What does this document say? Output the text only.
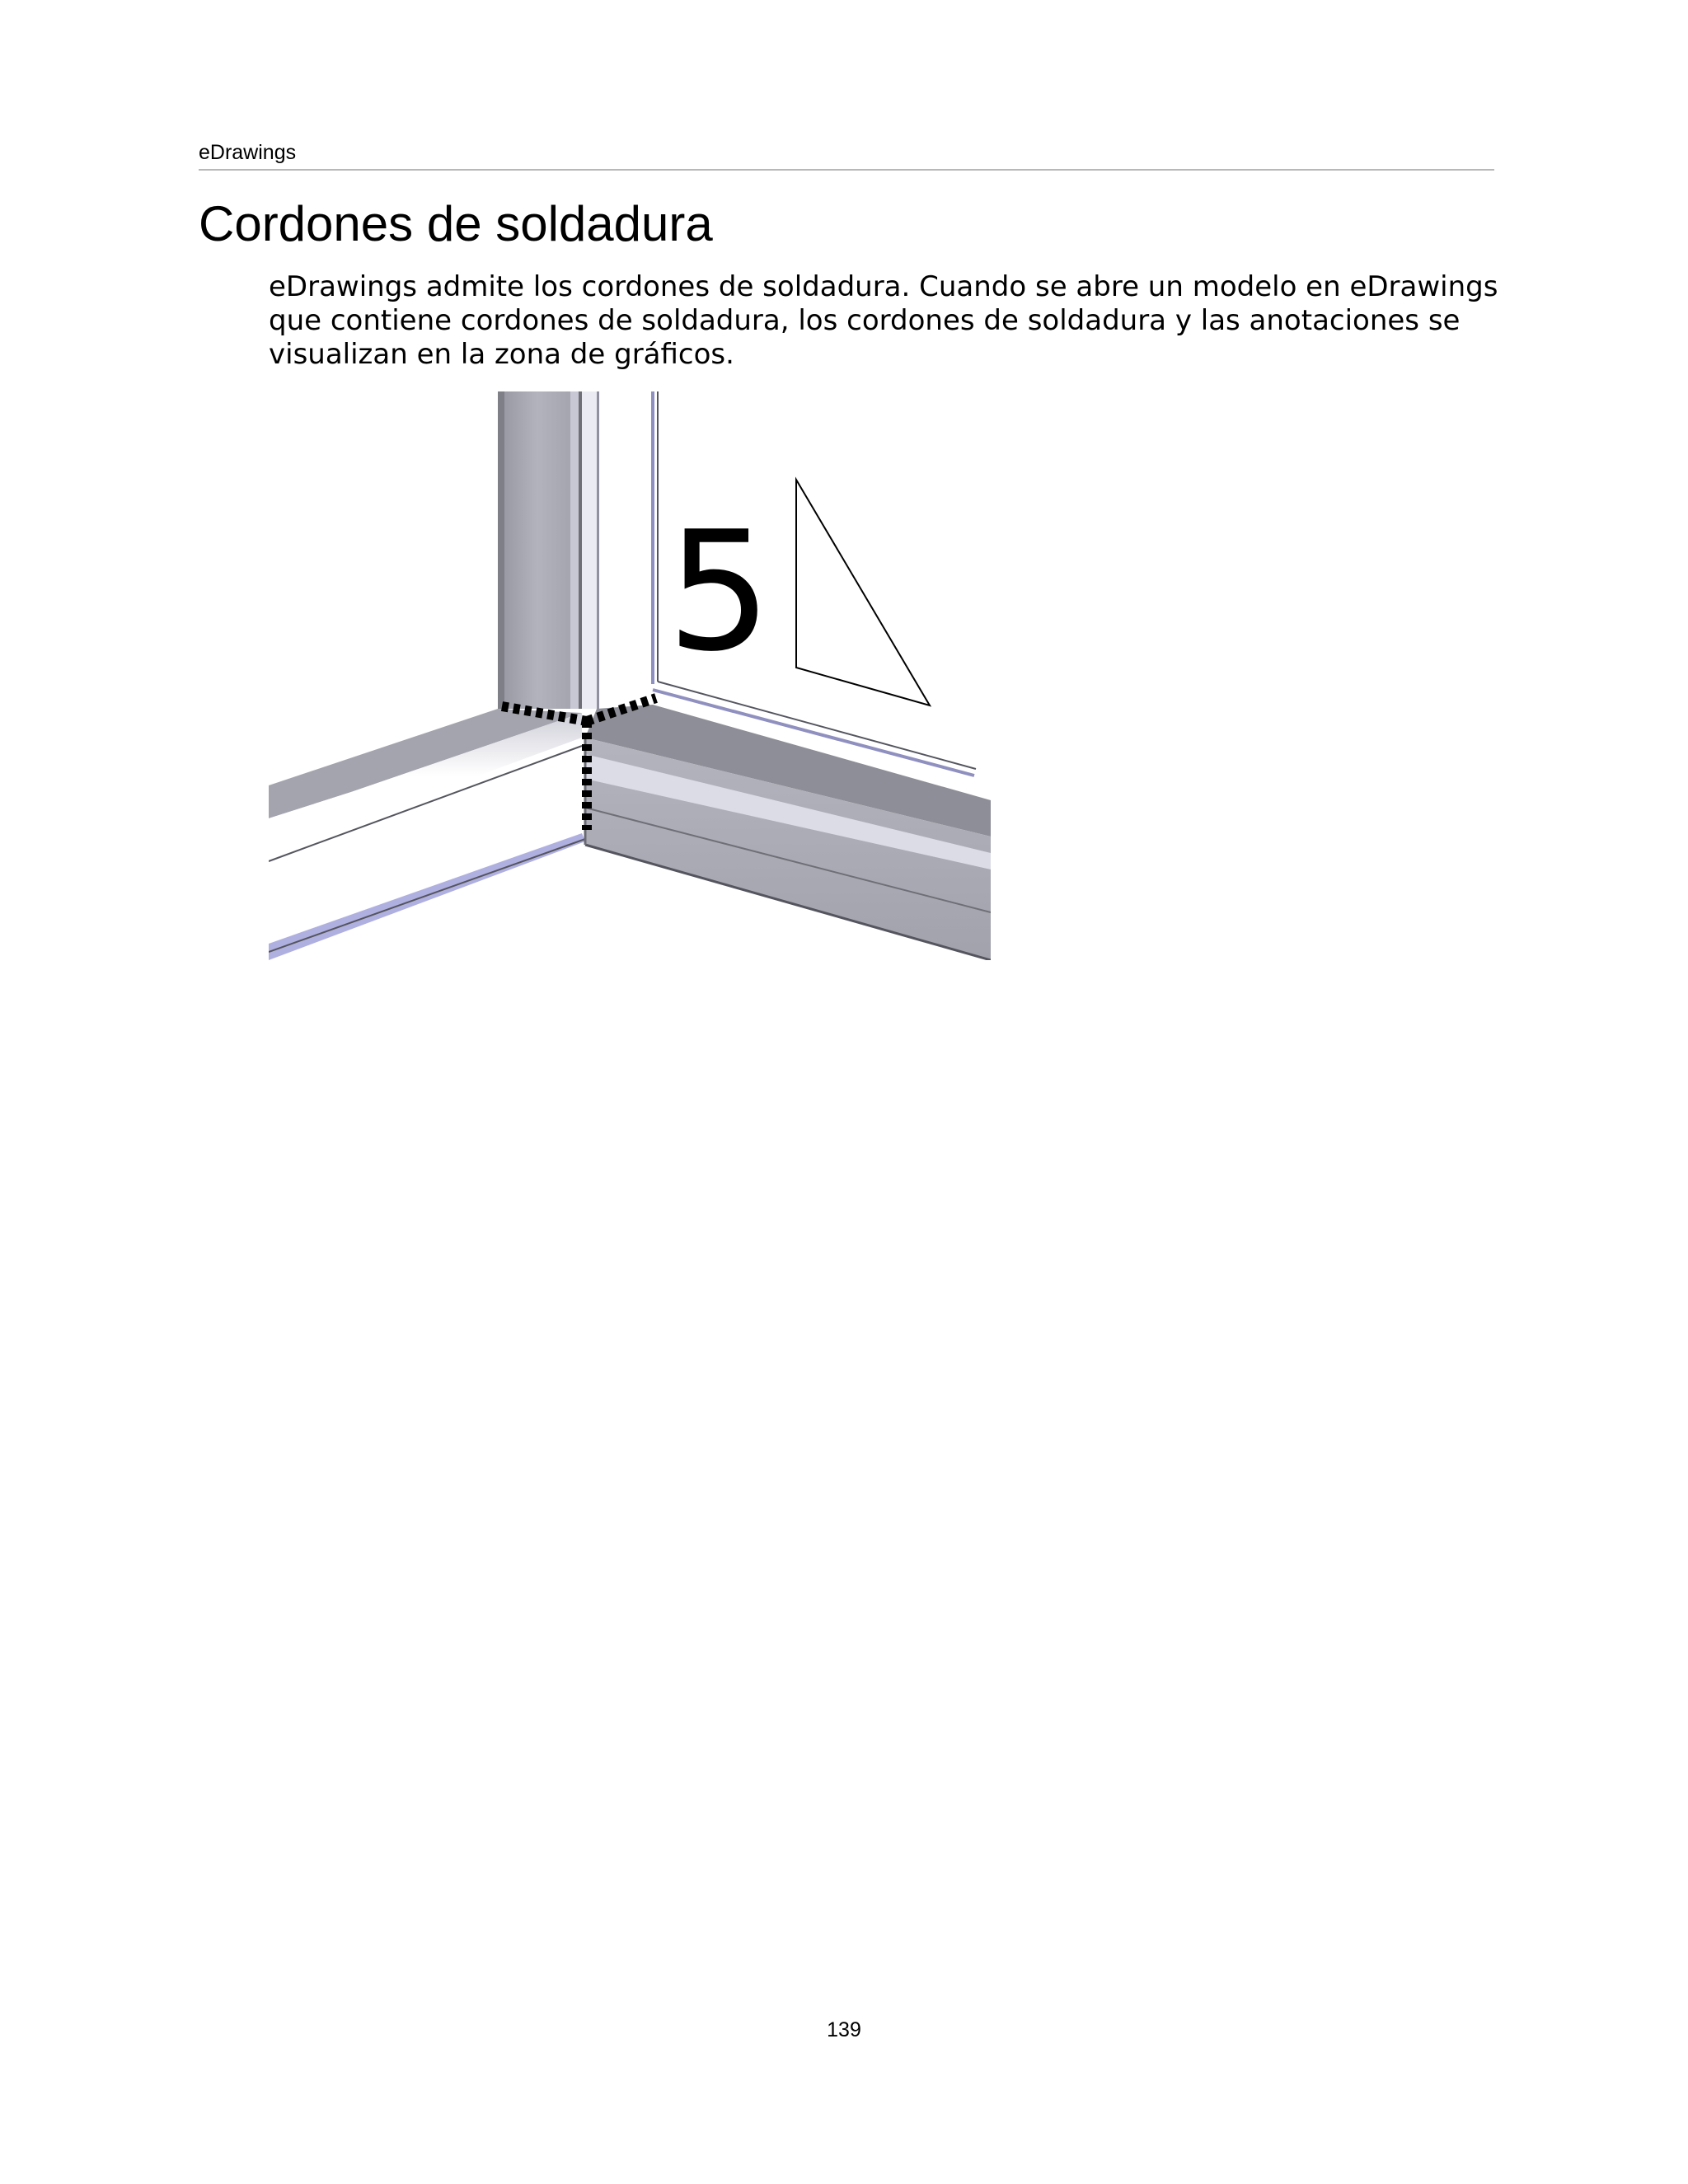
eDrawings
Cordones de soldadura

eDrawings admite los cordones de soldadura. Cuando se abre un modelo en eDrawings
que contiene cordones de soldadura, los cordones de soldadura y las anotaciones se
visualizan en la zona de gráficos.

5
139
